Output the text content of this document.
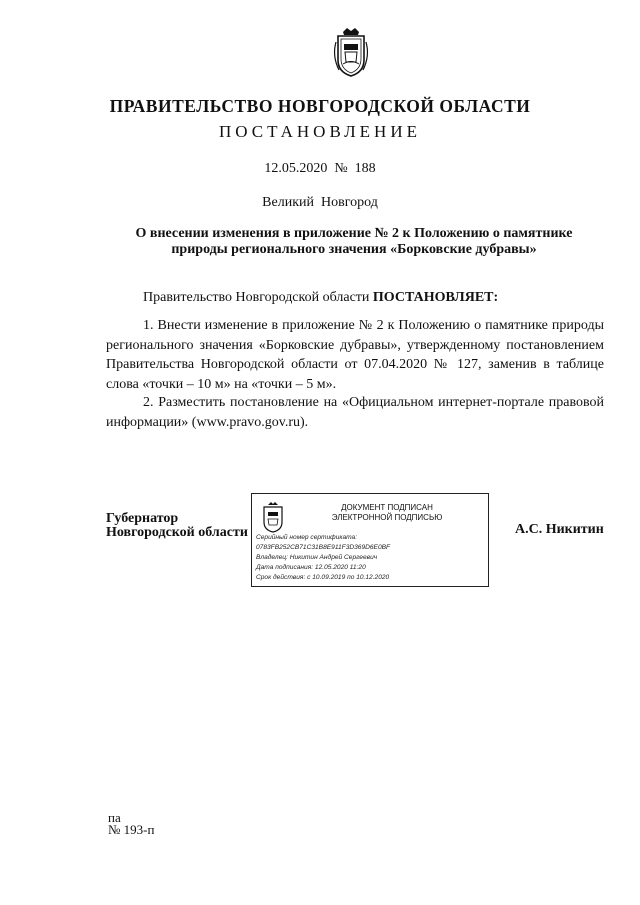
ПРАВИТЕЛЬСТВО НОВГОРОДСКОЙ ОБЛАСТИ
ПОСТАНОВЛЕНИЕ
12.05.2020  №  188
Великий  Новгород
О внесении изменения в приложение № 2 к Положению о памятнике
природы регионального значения «Борковские дубравы»
Правительство Новгородской области ПОСТАНОВЛЯЕТ:
1. Внести изменение в приложение № 2 к Положению о памятнике природы регионального значения «Борковские дубравы», утвержденному постановлением Правительства Новгородской области от 07.04.2020 № 127, заменив в таблице слова «точки – 10 м» на «точки – 5 м».
2. Разместить постановление на «Официальном интернет-портале правовой информации» (www.pravo.gov.ru).
Губернатор
Новгородской области
ДОКУМЕНТ ПОДПИСАН
ЭЛЕКТРОННОЙ ПОДПИСЬЮ
Серийный номер сертификата:
0783FB252CB71C31B8E911F3D369D6E0BF
Владелец: Никитин Андрей Сергеевич
Дата подписания: 12.05.2020 11:20
Срок действия: с 10.09.2019 по 10.12.2020
А.С. Никитин
па
№ 193-п
